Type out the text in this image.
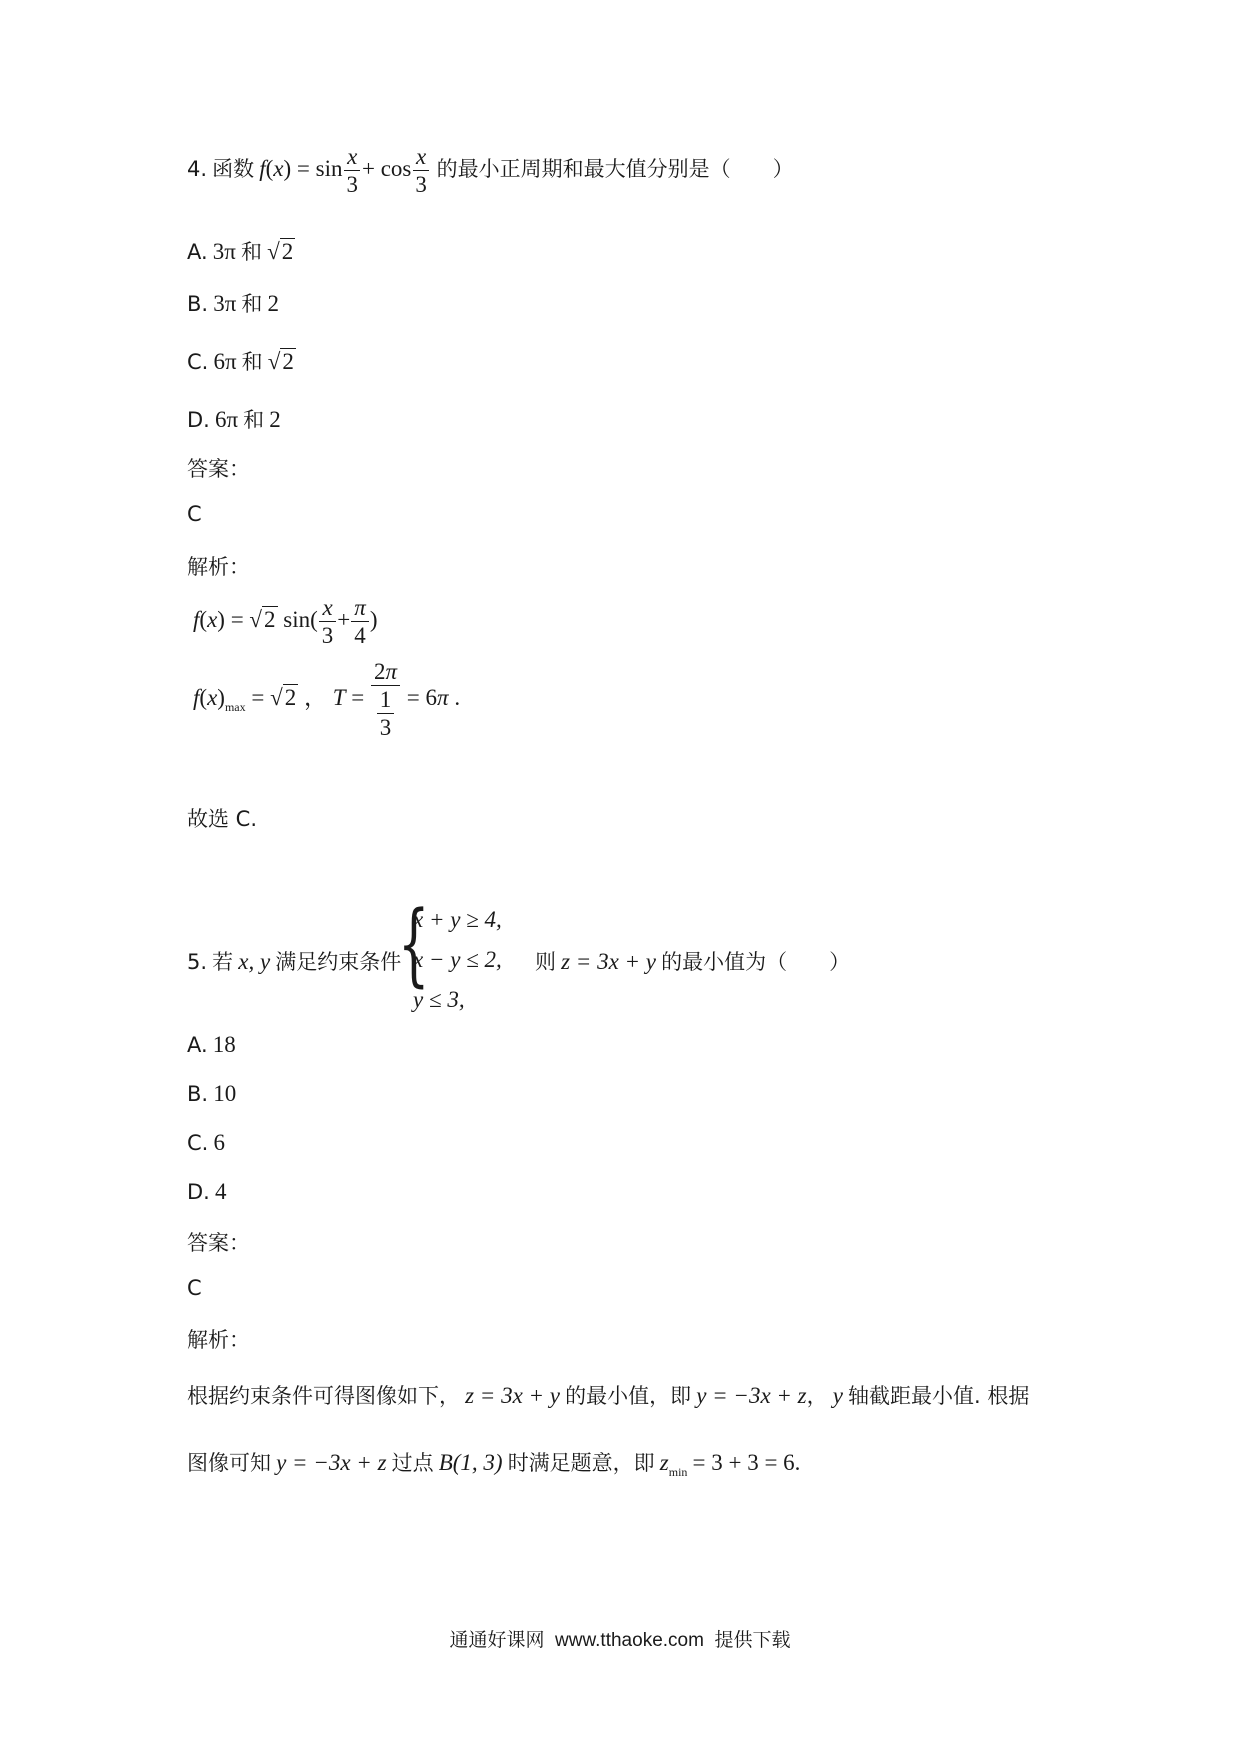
4. 函数 $f(x) = \sin \frac{x}{3} + \cos \frac{x}{3}$ 的最小正周期和最大值分别是（　　）
A. 3π 和 √2
B. 3π 和 2
C. 6π 和 √2
D. 6π 和 2
答案：
C
解析：
f(x) = √2 $\sin( \frac{x}{3} + \frac{\pi}{4}$ )
$f(x)_{max} = √2$ ， $T = \frac{2\pi}{\frac{1}{3}} = 6\pi$ .
故选 C.
{
x + y ≥ 4,
x − y ≤ 2,
y ≤ 3,
5. 若 x, y 满足约束条件	则 z = 3x + y 的最小值为（　　）
A. 18
B. 10
C. 6
D. 4
答案：
C
解析：
根据约束条件可得图像如下， z = 3x + y 的最小值，即 y = −3x + z， y 轴截距最小值. 根据
图像可知 y = −3x + z 过点 B(1, 3) 时满足题意，即 $z_{min} = 3 + 3 = 6$.
通通好课网  www.tthaoke.com  提供下载
